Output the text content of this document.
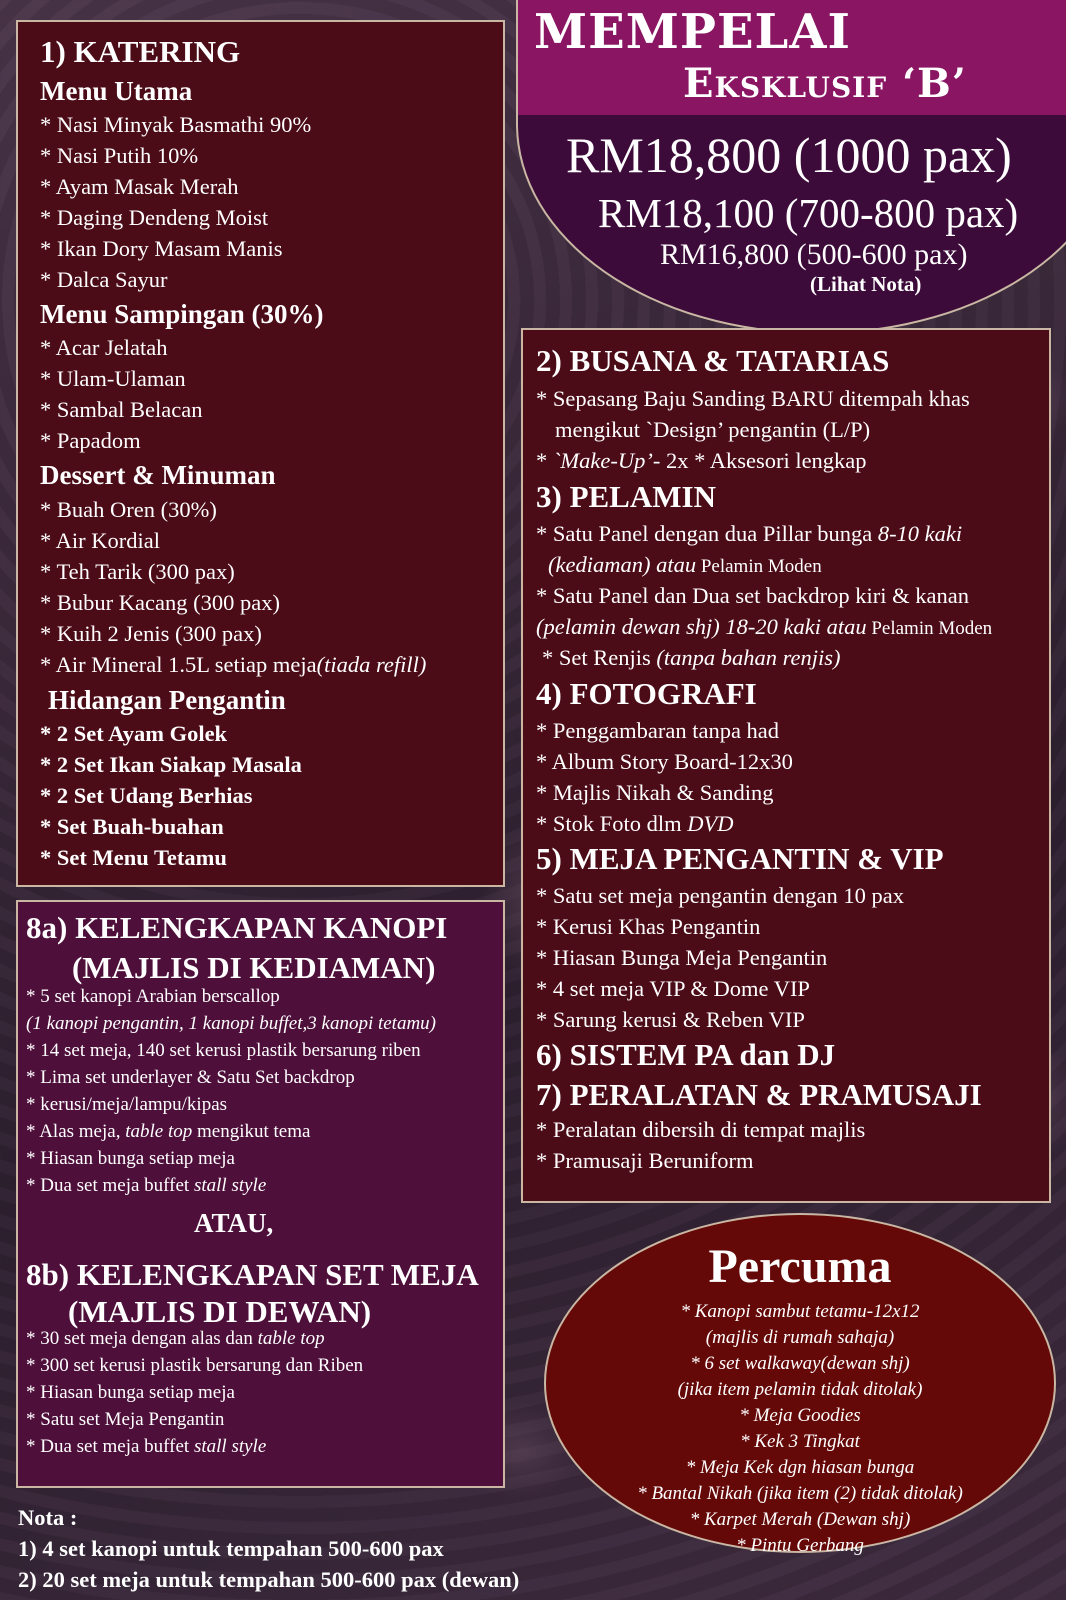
MEMPELAI
Eksklusif ‘B’
RM18,800 (1000 pax)
RM18,100 (700-800 pax)
RM16,800 (500-600 pax)
(Lihat Nota)
1) KATERING
Menu Utama
* Nasi Minyak Basmathi 90%
* Nasi Putih 10%
* Ayam Masak Merah
* Daging Dendeng Moist
* Ikan Dory Masam Manis
* Dalca Sayur
Menu Sampingan (30%)
* Acar Jelatah
* Ulam-Ulaman
* Sambal Belacan
* Papadom
Dessert & Minuman
* Buah Oren (30%)
* Air Kordial
* Teh Tarik (300 pax)
* Bubur Kacang (300 pax)
* Kuih 2 Jenis (300 pax)
* Air Mineral 1.5L setiap meja(tiada refill)
Hidangan Pengantin
* 2 Set Ayam Golek
* 2 Set Ikan Siakap Masala
* 2 Set Udang Berhias
* Set Buah-buahan
* Set Menu Tetamu
2) BUSANA & TATARIAS
* Sepasang Baju Sanding BARU ditempah khas
mengikut `Design’ pengantin (L/P)
* `Make-Up’- 2x * Aksesori lengkap
3) PELAMIN
* Satu Panel dengan dua Pillar bunga 8-10 kaki
(kediaman) atau Pelamin Moden
* Satu Panel dan Dua set backdrop kiri & kanan
(pelamin dewan shj) 18-20 kaki atau Pelamin Moden
* Set Renjis (tanpa bahan renjis)
4) FOTOGRAFI
* Penggambaran tanpa had
* Album Story Board-12x30
* Majlis Nikah & Sanding
* Stok Foto dlm DVD
5) MEJA PENGANTIN & VIP
* Satu set meja pengantin dengan 10 pax
* Kerusi Khas Pengantin
* Hiasan Bunga Meja Pengantin
* 4 set meja VIP & Dome VIP
* Sarung kerusi & Reben VIP
6) SISTEM PA dan DJ
7) PERALATAN & PRAMUSAJI
* Peralatan dibersih di tempat majlis
* Pramusaji Beruniform
8a) KELENGKAPAN KANOPI
(MAJLIS DI KEDIAMAN)
* 5 set kanopi Arabian berscallop
(1 kanopi pengantin, 1 kanopi buffet,3 kanopi tetamu)
* 14 set meja, 140 set kerusi plastik bersarung riben
* Lima set underlayer & Satu Set backdrop
* kerusi/meja/lampu/kipas
* Alas meja, table top mengikut tema
* Hiasan bunga setiap meja
* Dua set meja buffet stall style
ATAU,
8b) KELENGKAPAN SET MEJA
(MAJLIS DI DEWAN)
* 30 set meja dengan alas dan table top
* 300 set kerusi plastik bersarung dan Riben
* Hiasan bunga setiap meja
* Satu set Meja Pengantin
* Dua set meja buffet stall style
Percuma
* Kanopi sambut tetamu-12x12
(majlis di rumah sahaja)
* 6 set walkaway(dewan shj)
(jika item pelamin tidak ditolak)
* Meja Goodies
* Kek 3 Tingkat
* Meja Kek dgn hiasan bunga
* Bantal Nikah (jika item (2) tidak ditolak)
* Karpet Merah (Dewan shj)
* Pintu Gerbang
Nota :
1) 4 set kanopi untuk tempahan 500-600 pax
2) 20 set meja untuk tempahan 500-600 pax (dewan)
